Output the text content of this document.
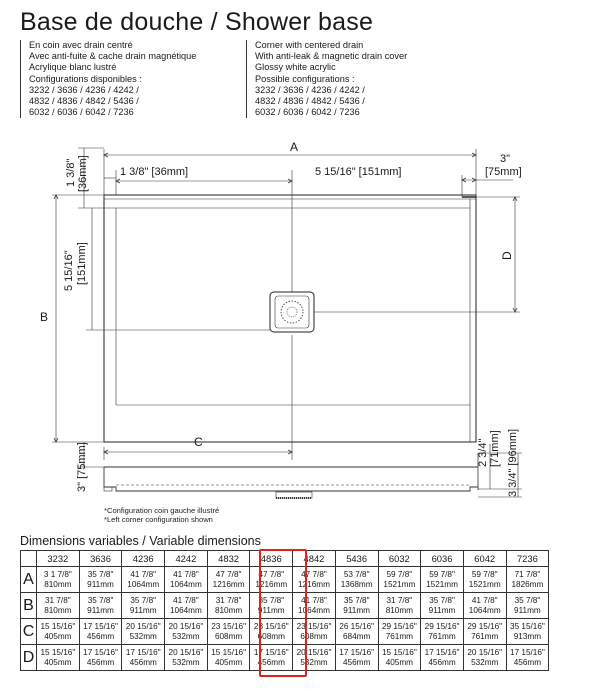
Base de douche / Shower base
En coin avec drain centré
Avec anti-fuite & cache drain magnétique
Acrylique blanc lustré
Configurations disponibles :
3232 / 3636 / 4236 / 4242 /
4832 / 4836 / 4842 / 5436 /
6032 / 6036 / 6042 / 7236
Corner with centered drain
With anti-leak & magnetic drain cover
Glossy white acrylic
Possible configurations :
3232 / 3636 / 4236 / 4242 /
4832 / 4836 / 4842 / 5436 /
6032 / 6036 / 6042 / 7236
A
B
C
D
1 3/8" [36mm]	5 15/16" [151mm]
3"
[75mm]
1 3/8" [36mm]
5 15/16" [151mm]
3" [75mm]	2 3/4" [71mm] 3 3/4" [96mm]
*Configuration coin gauche illustré
*Left corner configuration shown
Dimensions variables / Variable dimensions
	3232	3636	4236	4242	4832	4836	4842	5436	6032	6036	6042	7236
A	3 1 7/8"
810mm	35 7/8"
911mm	41 7/8"
1064mm	41 7/8"
1064mm	47 7/8"
1216mm	47 7/8"
1216mm	47 7/8"
1216mm	53 7/8"
1368mm	59 7/8"
1521mm	59 7/8"
1521mm	59 7/8"
1521mm	71 7/8"
1826mm

B	31 7/8"
810mm	35 7/8"
911mm	35 7/8"
911mm	41 7/8"
1064mm	31 7/8"
810mm	35 7/8"
911mm	41 7/8"
1064mm	35 7/8"
911mm	31 7/8"
810mm	35 7/8"
911mm	41 7/8"
1064mm	35 7/8"
911mm

C	15 15/16"
405mm	17 15/16"
456mm	20 15/16"
532mm	20 15/16"
532mm	23 15/16"
608mm	23 15/16"
608mm	23 15/16"
608mm	26 15/16"
684mm	29 15/16"
761mm	29 15/16"
761mm	29 15/16"
761mm	35 15/16"
913mm

D	15 15/16"
405mm	17 15/16"
456mm	17 15/16"
456mm	20 15/16"
532mm	15 15/16"
405mm	17 15/16"
456mm	20 15/16"
532mm	17 15/16"
456mm	15 15/16"
405mm	17 15/16"
456mm	20 15/16"
532mm	17 15/16"
456mm
